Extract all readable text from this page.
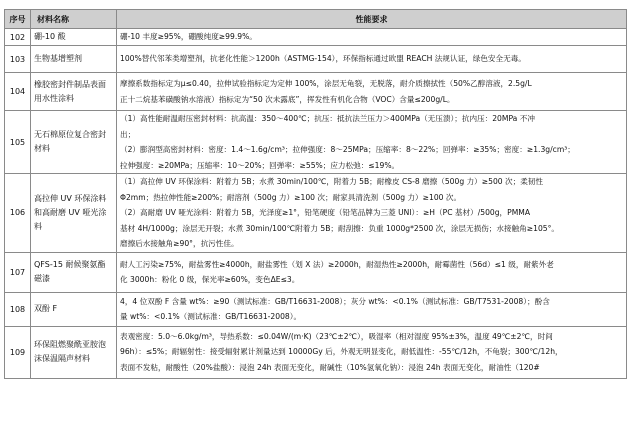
序号	材料名称	性能要求
102	硼-10 酸	硼-10 丰度≥95%，硼酸纯度≥99.9%。

103	生物基增塑剂	100%替代邻苯类增塑剂，抗老化性能＞1200h（ASTMG-154），环保指标通过欧盟 REACH 法规认证，绿色安全无毒。

104	橡胶密封件制品表面用水性涂料	摩擦系数指标定为μ≤0.40，拉伸试验指标定为定伸 100%，涂层无龟裂，无脱落，耐介质擦拭性（50%乙醇溶液，2.5g/L
正十二烷基苯磺酸钠水溶液）指标定为“50 次未露底”，挥发性有机化合物（VOC）含量≤200g/L。

105	无石棉原位复合密封材料	（1）高性能耐温耐压密封材料：抗高温：350～400℃；抗压：抵抗法兰压力＞400MPa（无压溃）；抗内压：20MPa 不冲
出；
（2）膨润型高密封材料：密度：1.4～1.6g/cm³；拉伸强度：8～25MPa；压缩率：8～22%；回弹率：≥35%；密度：≥1.3g/cm³；
拉伸强度：≥20MPa；压缩率：10～20%；回弹率：≥55%；应力松弛：≤19%。

106	高拉伸 UV 环保涂料和高耐磨 UV 哑光涂料	（1）高拉伸 UV 环保涂料：附着力 5B；水煮 30min/100℃，附着力 5B；耐橡皮 CS-8 磨擦（500g 力）≥500 次；柔韧性
Φ2mm；热拉伸性能≥200%；耐溶剂（500g 力）≥100 次；耐家具清洗剂（500g 力）≥100 次。
（2）高耐磨 UV 哑光涂料：附着力 5B，光泽度≥1°，铅笔硬度（铅笔品牌为三菱 UNI）：≥H（PC 基材）/500g，PMMA
基材 4H/1000g；涂层无开裂；水煮 30min/100℃附着力 5B；耐刮擦：负重 1000g*2500 次，涂层无损伤；水接触角≥105°。
磨擦后水接触角≥90°，抗污性佳。

107	QFS-15 耐候聚氨酯磁漆	耐人工污染≥75%，耐盐雾性≥4000h，耐盐雾性（划 X 法）≥2000h，耐湿热性≥2000h，耐霉菌性（56d）≤1 级，耐紫外老
化 3000h：粉化 0 级，保光率≥60%，变色ΔE≤3。

108	双酚 F	4，4 位双酚 F 含量 wt%：≥90（测试标准：GB/T16631-2008）；灰分 wt%：<0.1%（测试标准：GB/T7531-2008）；酚含
量 wt%：<0.1%（测试标准：GB/T16631-2008）。

109	环保阻燃聚酰亚胺泡沫保温隔声材料	表观密度：5.0～6.0kg/m³，导热系数：≤0.04W/(m·K)（23℃±2℃），吸湿率（相对湿度 95%±3%，温度 49℃±2℃，时间
96h）：≤5%；耐辐射性：接受辐射累计剂量达到 10000Gy 后，外观无明显变化，耐低温性：-55℃/12h，不龟裂；300℃/12h，
表面不发粘，耐酸性（20%盐酸）：浸泡 24h 表面无变化，耐碱性（10%氢氧化钠）：浸泡 24h 表面无变化，耐油性（120#
